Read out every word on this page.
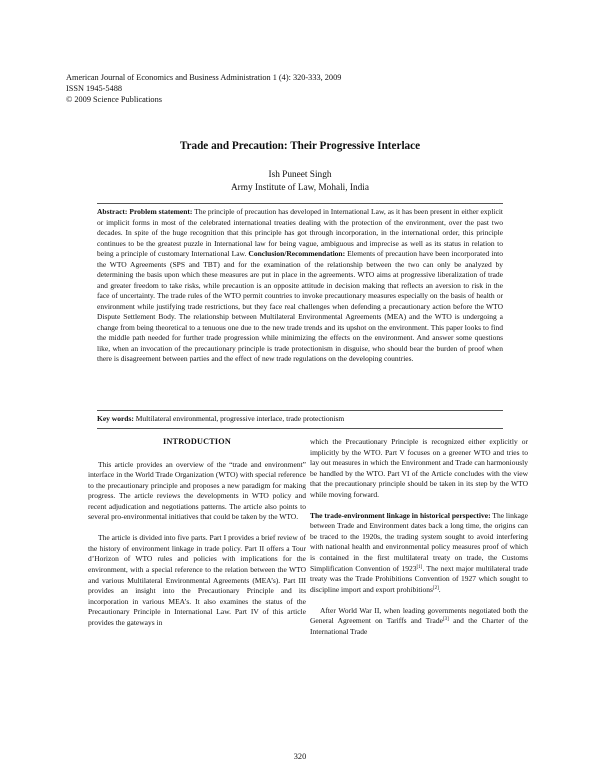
American Journal of Economics and Business Administration 1 (4): 320-333, 2009
ISSN 1945-5488
© 2009 Science Publications
Trade and Precaution: Their Progressive Interlace
Ish Puneet Singh
Army Institute of Law, Mohali, India
Abstract: Problem statement: The principle of precaution has developed in International Law, as it has been present in either explicit or implicit forms in most of the celebrated international treaties dealing with the protection of the environment, over the past two decades. In spite of the huge recognition that this principle has got through incorporation, in the international order, this principle continues to be the greatest puzzle in International law for being vague, ambiguous and imprecise as well as its status in relation to being a principle of customary International Law. Conclusion/Recommendation: Elements of precaution have been incorporated into the WTO Agreements (SPS and TBT) and for the examination of the relationship between the two can only be analyzed by determining the basis upon which these measures are put in place in the agreements. WTO aims at progressive liberalization of trade and greater freedom to take risks, while precaution is an opposite attitude in decision making that reflects an aversion to risk in the face of uncertainty. The trade rules of the WTO permit countries to invoke precautionary measures especially on the basis of health or environment while justifying trade restrictions, but they face real challenges when defending a precautionary action before the WTO Dispute Settlement Body. The relationship between Multilateral Environmental Agreements (MEA) and the WTO is undergoing a change from being theoretical to a tenuous one due to the new trade trends and its upshot on the environment. This paper looks to find the middle path needed for further trade progression while minimizing the effects on the environment. And answer some questions like, when an invocation of the precautionary principle is trade protectionism in disguise, who should bear the burden of proof when there is disagreement between parties and the effect of new trade regulations on the developing countries.
Key words: Multilateral environmental, progressive interlace, trade protectionism
INTRODUCTION

This article provides an overview of the “trade and environment” interface in the World Trade Organization (WTO) with special reference to the precautionary principle and proposes a new paradigm for making progress. The article reviews the developments in WTO policy and recent adjudication and negotiations patterns. The article also points to several pro-environmental initiatives that could be taken by the WTO.

The article is divided into five parts. Part I provides a brief review of the history of environment linkage in trade policy. Part II offers a Tour d’Horizon of WTO rules and policies with implications for the environment, with a special reference to the relation between the WTO and various Multilateral Environmental Agreements (MEA’s). Part III provides an insight into the Precautionary Principle and its incorporation in various MEA’s. It also examines the status of the Precautionary Principle in International Law. Part IV of this article provides the gateways in

which the Precautionary Principle is recognized either explicitly or implicitly by the WTO. Part V focuses on a greener WTO and tries to lay out measures in which the Environment and Trade can harmoniously be handled by the WTO. Part VI of the Article concludes with the view that the precautionary principle should be taken in its step by the WTO while moving forward.

The trade-environment linkage in historical perspective: The linkage between Trade and Environment dates back a long time, the origins can be traced to the 1920s, the trading system sought to avoid interfering with national health and environmental policy measures proof of which is contained in the first multilateral treaty on trade, the Customs Simplification Convention of 1923[1]. The next major multilateral trade treaty was the Trade Prohibitions Convention of 1927 which sought to discipline import and export prohibitions[2].

After World War II, when leading governments negotiated both the General Agreement on Tariffs and Trade[3] and the Charter of the International Trade

320
